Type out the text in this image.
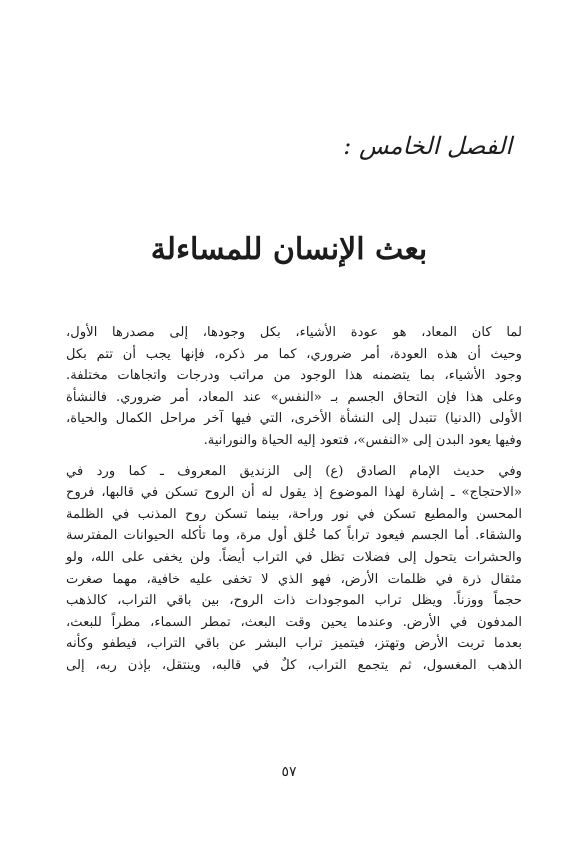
الفصل الخامس :
بعث الإنسان للمساءلة

لما كان المعاد، هو عودة الأشياء، بكل وجودها، إلى مصدرها الأول،
وحيث أن هذه العودة، أمر ضروري، كما مر ذكره، فإنها يجب أن تتم بكل
وجود الأشياء، بما يتضمنه هذا الوجود من مراتب ودرجات واتجاهات مختلفة.
وعلى هذا فإن التحاق الجسم بـ «النفس» عند المعاد، أمر ضروري. فالنشأة
الأولى (الدنيا) تتبدل إلى النشأة الأخرى، التي فيها آخر مراحل الكمال والحياة،
وفيها يعود البدن إلى «النفس»، فتعود إليه الحياة والنورانية.

وفي حديث الإمام الصادق (ع) إلى الزنديق المعروف ـ كما ورد في
«الاحتجاج» ـ إشارة لهذا الموضوع إذ يقول له أن الروح تسكن في قالبها، فروح
المحسن والمطيع تسكن في نور وراحة، بينما تسكن روح المذنب في الظلمة
والشقاء. أما الجسم فيعود تراباً كما خُلق أول مرة، وما تأكله الحيوانات المفترسة
والحشرات يتحول إلى فضلات تظل في التراب أيضاً. ولن يخفى على الله، ولو
مثقال ذرة في ظلمات الأرض، فهو الذي لا تخفى عليه خافية، مهما صغرت
حجماً ووزناً. ويظل تراب الموجودات ذات الروح، بين باقي التراب، كالذهب
المدفون في الأرض. وعندما يحين وقت البعث، تمطر السماء، مطراً للبعث،
بعدما تربت الأرض وتهتز، فيتميز تراب البشر عن باقي التراب، فيطفو وكأنه
الذهب المغسول، ثم يتجمع التراب، كلٌ في قالبه، وينتقل، بإذن ربه، إلى

٥٧
